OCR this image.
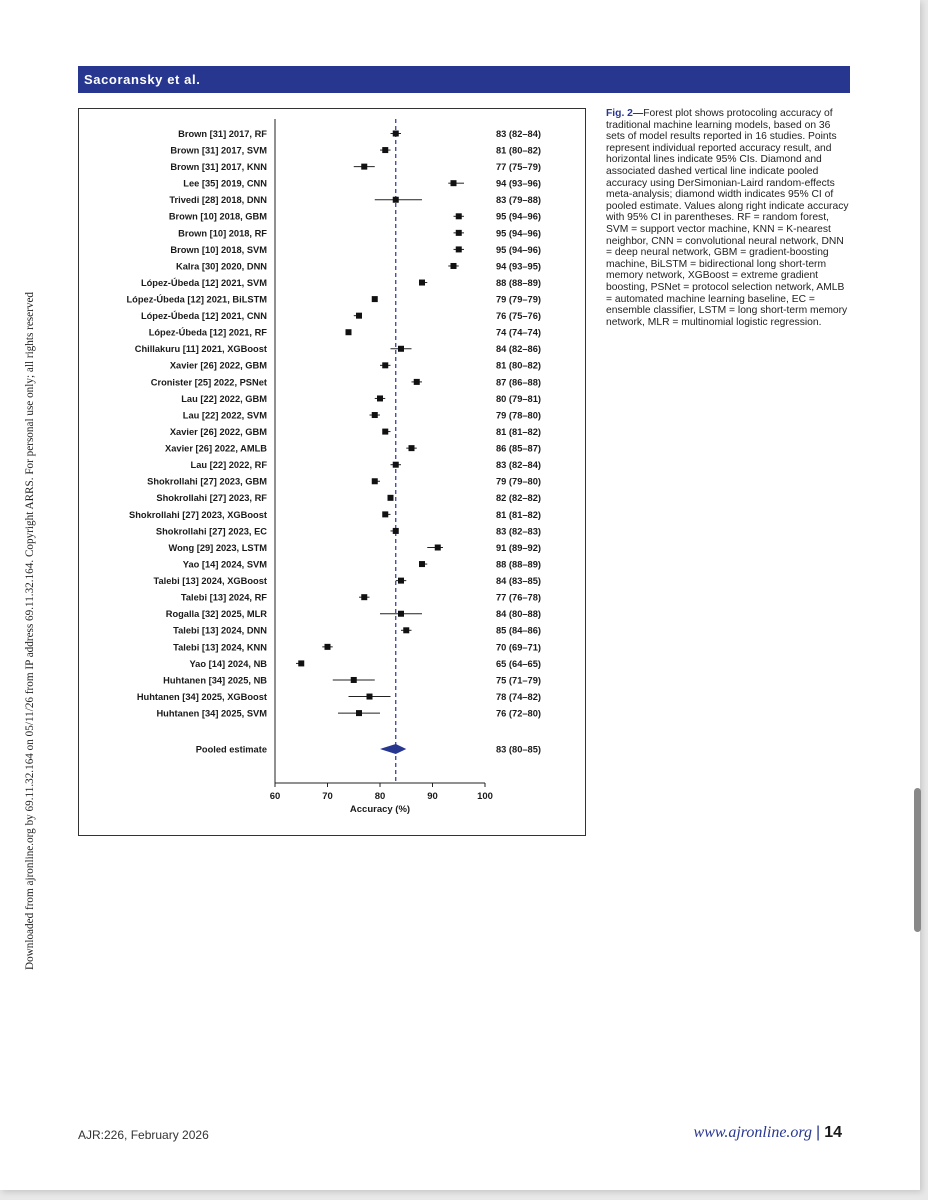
Sacoransky et al.
60	70	80	90	100
Accuracy (%)
Brown [31] 2017, RF	83 (82–84)
Brown [31] 2017, SVM	81 (80–82)
Brown [31] 2017, KNN	77 (75–79)
Lee [35] 2019, CNN	94 (93–96)
Trivedi [28] 2018, DNN	83 (79–88)
Brown [10] 2018, GBM	95 (94–96)
Brown [10] 2018, RF	95 (94–96)
Brown [10] 2018, SVM	95 (94–96)
Kalra [30] 2020, DNN	94 (93–95)
López-Úbeda [12] 2021, SVM	88 (88–89)
López-Úbeda [12] 2021, BiLSTM	79 (79–79)
López-Úbeda [12] 2021, CNN	76 (75–76)
López-Úbeda [12] 2021, RF	74 (74–74)
Chillakuru [11] 2021, XGBoost	84 (82–86)
Xavier [26] 2022, GBM	81 (80–82)
Cronister [25] 2022, PSNet	87 (86–88)
Lau [22] 2022, GBM	80 (79–81)
Lau [22] 2022, SVM	79 (78–80)
Xavier [26] 2022, GBM	81 (81–82)
Xavier [26] 2022, AMLB	86 (85–87)
Lau [22] 2022, RF	83 (82–84)
Shokrollahi [27] 2023, GBM	79 (79–80)
Shokrollahi [27] 2023, RF	82 (82–82)
Shokrollahi [27] 2023, XGBoost	81 (81–82)
Shokrollahi [27] 2023, EC	83 (82–83)
Wong [29] 2023, LSTM	91 (89–92)
Yao [14] 2024, SVM	88 (88–89)
Talebi [13] 2024, XGBoost	84 (83–85)
Talebi [13] 2024, RF	77 (76–78)
Rogalla [32] 2025, MLR	84 (80–88)
Talebi [13] 2024, DNN	85 (84–86)
Talebi [13] 2024, KNN	70 (69–71)
Yao [14] 2024, NB	65 (64–65)
Huhtanen [34] 2025, NB	75 (71–79)
Huhtanen [34] 2025, XGBoost	78 (74–82)
Huhtanen [34] 2025, SVM	76 (72–80)
Pooled estimate	83 (80–85)
Fig. 2—Forest plot shows protocoling accuracy of traditional machine learning models, based on 36 sets of model results reported in 16 studies. Points represent individual reported accuracy result, and horizontal lines indicate 95% CIs. Diamond and associated dashed vertical line indicate pooled accuracy using DerSimonian-Laird random-effects meta-analysis; diamond width indicates 95% CI of pooled estimate. Values along right indicate accuracy with 95% CI in parentheses. RF = random forest, SVM = support vector machine, KNN = K-nearest neighbor, CNN = convolutional neural network, DNN = deep neural network, GBM = gradient-boosting machine, BiLSTM = bidirectional long short-term memory network, XGBoost = extreme gradient boosting, PSNet = protocol selection network, AMLB = automated machine learning baseline, EC = ensemble classifier, LSTM = long short-term memory network, MLR = multinomial logistic regression.
AJR:226, February 2026	www.ajronline.org | 14
Downloaded from ajronline.org by 69.11.32.164 on 05/11/26 from IP address 69.11.32.164. Copyright ARRS. For personal use only; all rights reserved
